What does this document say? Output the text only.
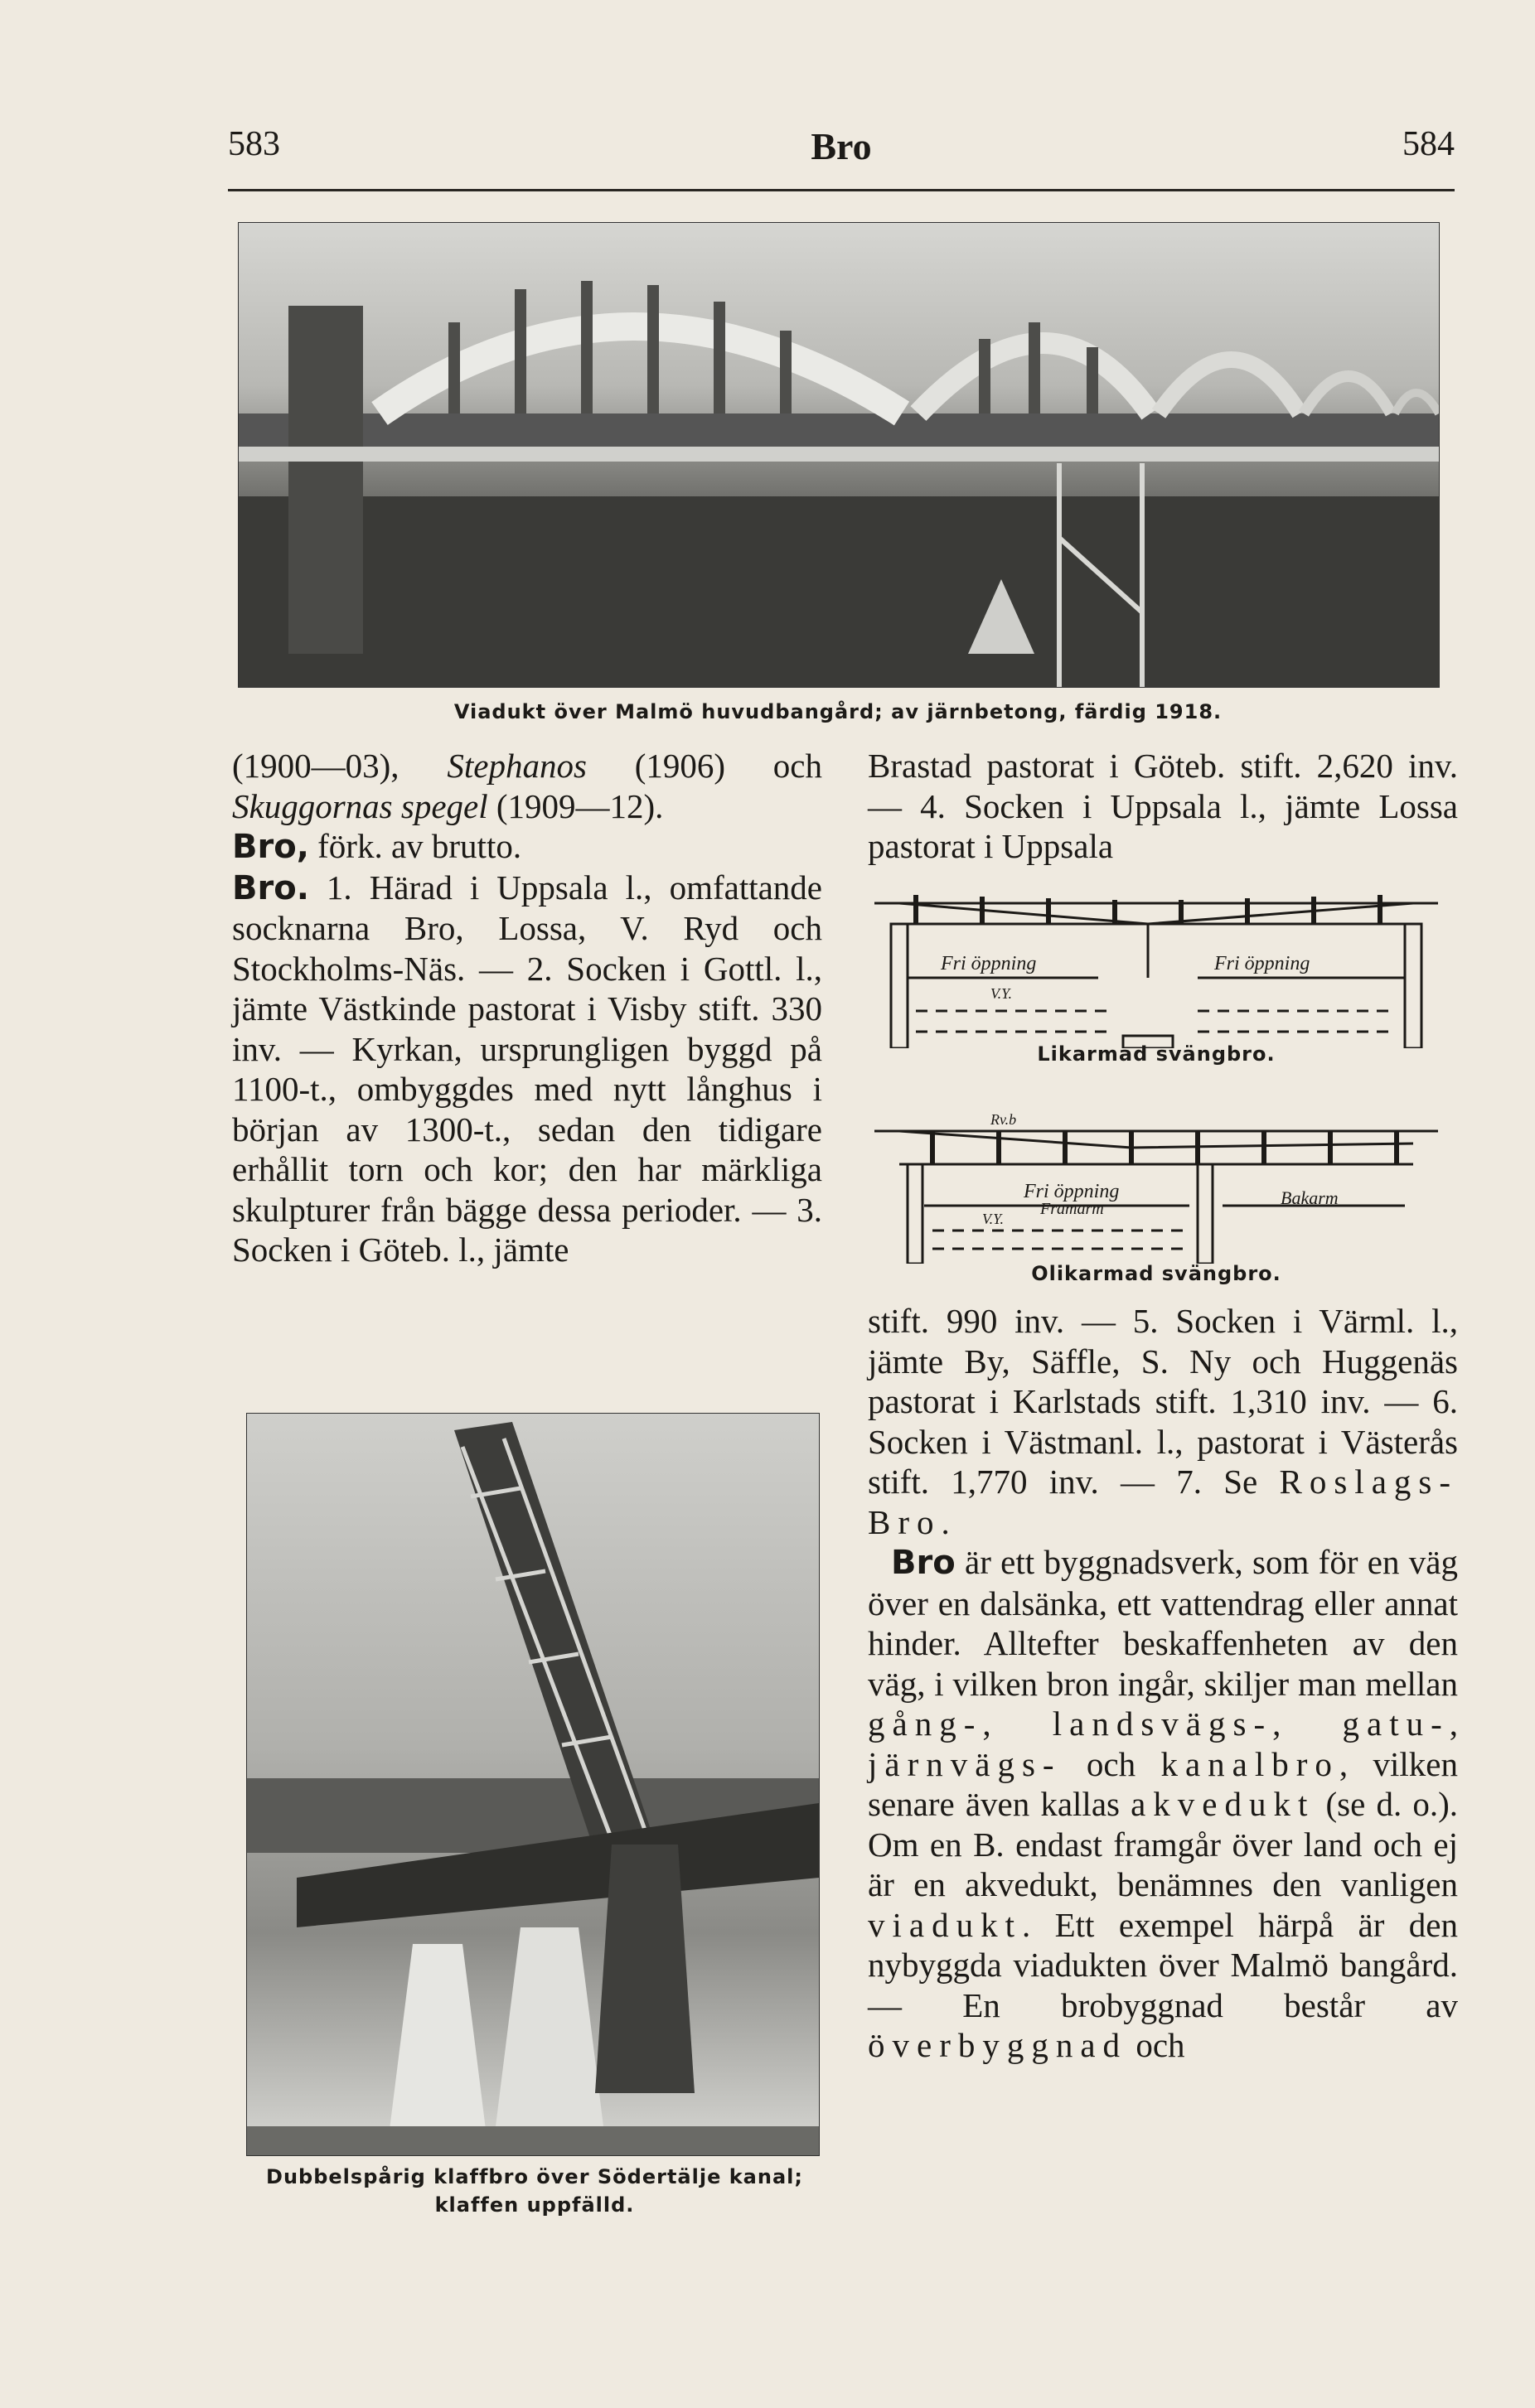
583	Bro	584
Viadukt över Malmö huvudbangård; av järnbetong, färdig 1918.

(1900—03), Stephanos (1906) och Skuggornas spegel (1909—12).

Bro, förk. av brutto.

Bro. 1. Härad i Uppsala l., omfattande socknarna Bro, Lossa, V. Ryd och Stockholms-Näs. — 2. Socken i Gottl. l., jämte Västkinde pastorat i Visby stift. 330 inv. — Kyrkan, ursprungligen byggd på 1100-t., ombyggdes med nytt långhus i början av 1300-t., sedan den tidigare erhållit torn och kor; den har märkliga skulpturer från bägge dessa perioder. — 3. Socken i Göteb. l., jämte

Dubbelspårig klaffbro över Södertälje kanal; klaffen uppfälld.

Brastad pastorat i Göteb. stift. 2,620 inv. — 4. Socken i Uppsala l., jämte Lossa pastorat i Uppsala

Fri öppning	Fri öppning
V.Y.
Likarmad svängbro.
Fri öppning
Framarm
Bakarm
V.Y.
Rv.b
Olikarmad svängbro.

stift. 990 inv. — 5. Socken i Värml. l., jämte By, Säffle, S. Ny och Huggenäs pastorat i Karlstads stift. 1,310 inv. — 6. Socken i Västmanl. l., pastorat i Västerås stift. 1,770 inv. — 7. Se Roslags-Bro.

Bro är ett byggnadsverk, som för en väg över en dalsänka, ett vattendrag eller annat hinder. Alltefter beskaffenheten av den väg, i vilken bron ingår, skiljer man mellan gång-, landsvägs-, gatu-, järnvägs- och kanalbro, vilken senare även kallas akvedukt (se d. o.). Om en B. endast framgår över land och ej är en akvedukt, benämnes den vanligen viadukt. Ett exempel härpå är den nybyggda viadukten över Malmö bangård. — En brobyggnad består av överbyggnad och
